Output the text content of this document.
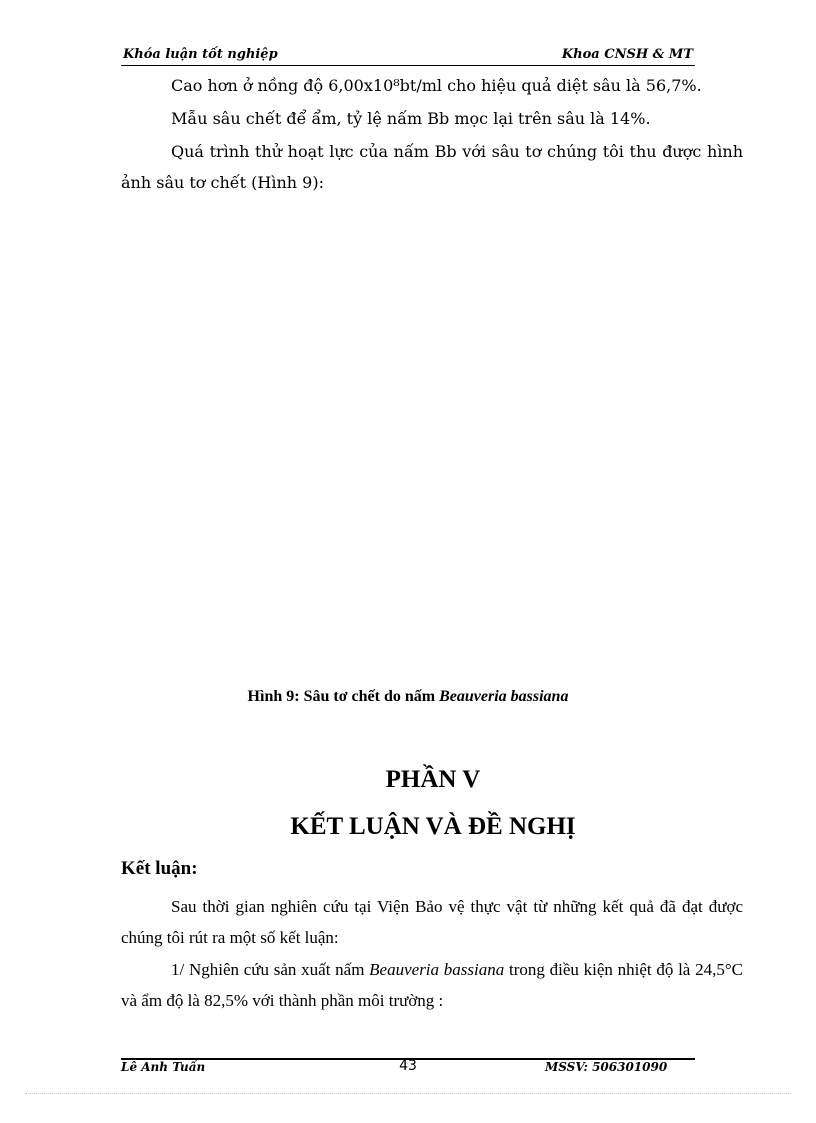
Khóa luận tốt nghiệp	Khoa CNSH & MT
Cao hơn ở nồng độ 6,00x10⁸bt/ml cho hiệu quả diệt sâu là 56,7%.
Mẫu sâu chết để ẩm, tỷ lệ nấm Bb mọc lại trên sâu là 14%.
Quá trình thử hoạt lực của nấm Bb với sâu tơ chúng tôi thu được hình ảnh sâu tơ chết (Hình 9):
Hình 9: Sâu tơ chết do nấm Beauveria bassiana
PHẦN V
KẾT LUẬN VÀ ĐỀ NGHỊ
Kết luận:
Sau thời gian nghiên cứu tại Viện Bảo vệ thực vật từ những kết quả đã đạt được chúng tôi rút ra một số kết luận:
1/ Nghiên cứu sản xuất nấm Beauveria bassiana trong điều kiện nhiệt độ là 24,5°C và ẩm độ là 82,5% với thành phần môi trường :
Lê Anh Tuấn	43	MSSV: 506301090
